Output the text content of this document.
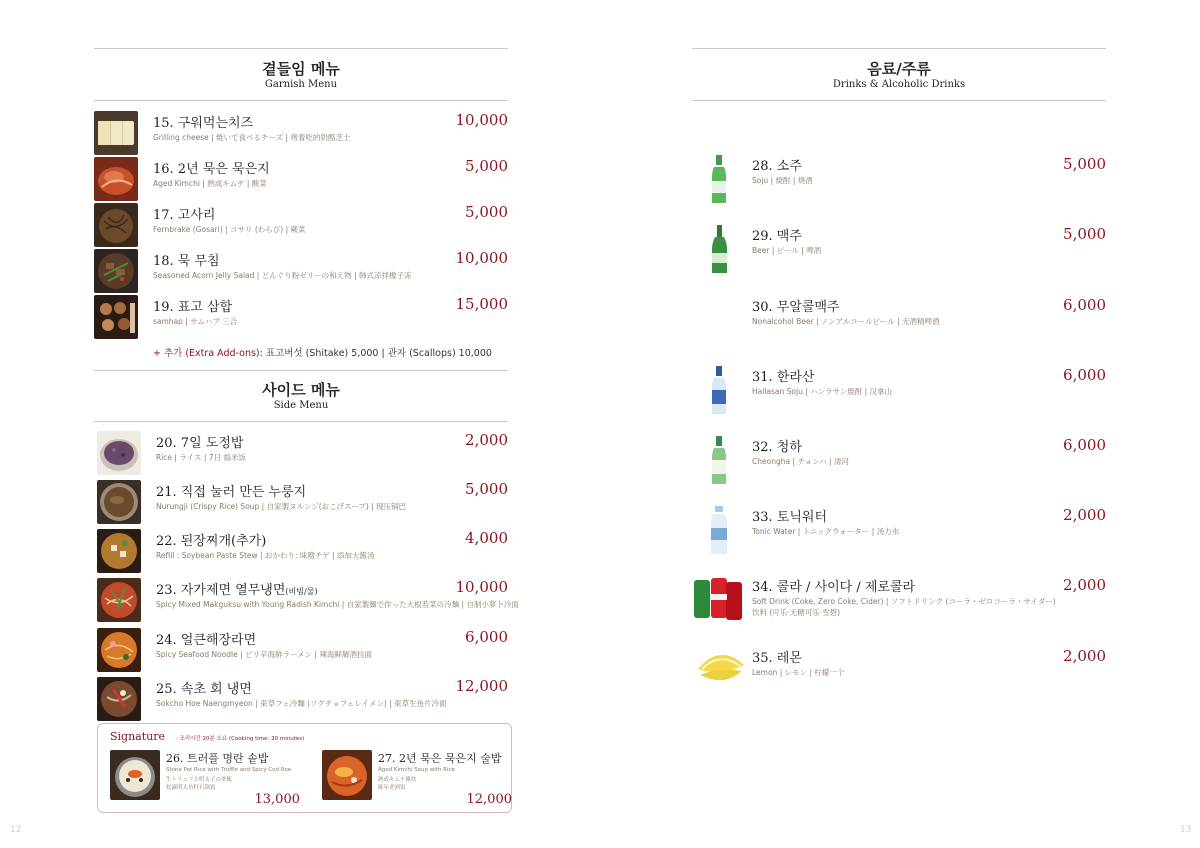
곁들임 메뉴
Garnish Menu
15. 구워먹는치즈
Grilling cheese | 焼いて食べるチーズ | 烤着吃的奶酪芝士
10,000
16. 2년 묵은 묵은지
Aged Kimchi | 熟成キムチ | 酸菜
5,000
17. 고사리
Fernbrake (Gosari) | コサリ (わらび) | 蕨菜
5,000
18. 묵 무침
Seasoned Acorn Jelly Salad | どんぐり粉ゼリーの和え物 | 韩式凉拌橡子冻
10,000
19. 표고 삼합
samhap | サムハプ 三合
15,000
+ 추가 (Extra Add-ons): 표고버섯 (Shitake) 5,000 | 관자 (Scallops) 10,000
사이드 메뉴
Side Menu
20. 7일 도정밥
Rice | ライス | 7日 捣米饭
2,000
21. 직접 눌러 만든 누룽지
Nurungji (Crispy Rice) Soup | 自家製ヌルンジ(おこげスープ) | 现压锅巴
5,000
22. 된장찌개(추가)
Refill : Soybean Paste Stew | おかわり: 味噌チゲ | 添加大酱汤
4,000
23. 자가제면 열무냉면(비빔/물)
Spicy Mixed Makguksu with Young Radish Kimchi | 自家製麺で作った大根若菜の冷麺 | 自制小萝卜冷面
10,000
24. 얼큰해장라면
Spicy Seafood Noodle | ピリ辛海鮮ラーメン | 辣海鲜解酒拉面
6,000
25. 속초 회 냉면
Sokcho Hoe Naengmyeon | 束草フェ冷麵 (ソクチョフェレイメン) | 束草生鱼片冷面
12,000
Signature · 조리시간 20분 소요 (Cooking time: 20 minutes)
26. 트러플 명란 솥밥
Stone Pot Rice with Truffle and Spicy Cod Roe
生トリュフと明太子の釜飯
松露明太鱼籽石锅饭
13,000
27. 2년 묵은 묵은지 술밥
Aged Kimchi Soup with Rice
熟成キムチ雑炊
陈年老酒饭
12,000
12
음료/주류
Drinks & Alcoholic Drinks
28. 소주
Soju | 焼酎 | 烧酒
5,000
29. 맥주
Beer | ビール | 啤酒
5,000
30. 무알콜맥주
Nonalcohol Beer | ノンアルコールビール | 无酒精啤酒
6,000
31. 한라산
Hallasan Soju | ハンラサン焼酎 | 汉拿山
6,000
32. 청하
Cheongha | チョンハ | 清河
6,000
33. 토닉워터
Tonic Water | トニックウォーター | 汤力水
2,000
34. 콜라 / 사이다 / 제로콜라
Soft Drink (Coke, Zero Coke, Cider) | ソフトドリンク (コーラ・ゼロコーラ・サイダー)
饮料 (可乐·无糖可乐·雪碧)
2,000
35. 레몬
Lemon | レモン | 柠檬一个
2,000
13
